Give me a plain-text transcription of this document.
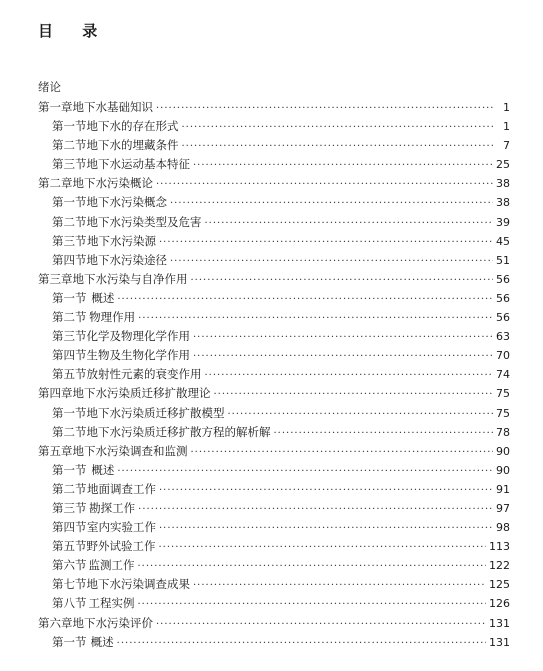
目 录
绪论
第一章 地下水基础知识 ·····	1
第一节 地下水的存在形式 ·····	1
第二节 地下水的埋藏条件 ·····	7
第三节 地下水运动基本特征 ·····	25
第二章 地下水污染概论 ·····	38
第一节 地下水污染概念 ·····	38
第二节 地下水污染类型及危害 ·····	39
第三节 地下水污染源 ·····	45
第四节 地下水污染途径 ·····	51
第三章 地下水污染与自净作用 ·····	56
第一节 概述 ·····	56
第二节 物理作用 ·····	56
第三节 化学及物理化学作用 ·····	63
第四节 生物及生物化学作用 ·····	70
第五节 放射性元素的衰变作用 ·····	74
第四章 地下水污染质迁移扩散理论 ·····	75
第一节 地下水污染质迁移扩散模型 ·····	75
第二节 地下水污染质迁移扩散方程的解析解 ·····	78
第五章 地下水污染调查和监测 ·····	90
第一节 概述 ·····	90
第二节 地面调查工作 ·····	91
第三节 勘探工作 ·····	97
第四节 室内实验工作 ·····	98
第五节 野外试验工作 ·····	113
第六节 监测工作 ·····	122
第七节 地下水污染调查成果 ·····	125
第八节 工程实例 ·····	126
第六章 地下水污染评价 ·····	131
第一节 概述 ·····	131
